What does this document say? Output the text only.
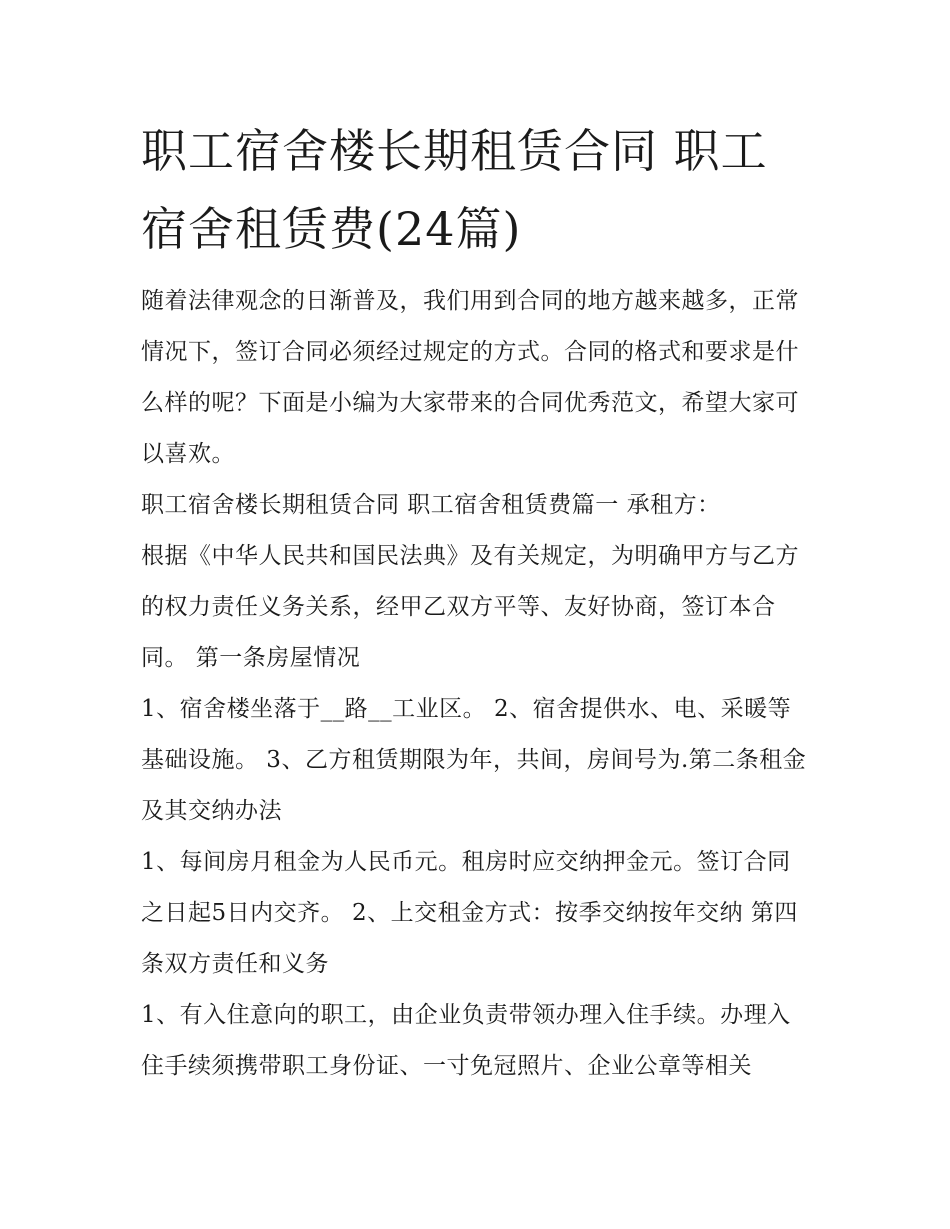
职工宿舍楼长期租赁合同 职工宿舍租赁费(24篇)

随着法律观念的日渐普及，我们用到合同的地方越来越多，正常情况下，签订合同必须经过规定的方式。合同的格式和要求是什么样的呢？下面是小编为大家带来的合同优秀范文，希望大家可以喜欢。

职工宿舍楼长期租赁合同 职工宿舍租赁费篇一 承租方：

根据《中华人民共和国民法典》及有关规定，为明确甲方与乙方的权力责任义务关系，经甲乙双方平等、友好协商，签订本合同。 第一条房屋情况

1、宿舍楼坐落于__路__工业区。 2、宿舍提供水、电、采暖等基础设施。 3、乙方租赁期限为年，共间，房间号为.第二条租金及其交纳办法

1、每间房月租金为人民币元。租房时应交纳押金元。签订合同之日起5日内交齐。 2、上交租金方式：按季交纳按年交纳 第四条双方责任和义务

1、有入住意向的职工，由企业负责带领办理入住手续。办理入住手续须携带职工身份证、一寸免冠照片、企业公章等相关
